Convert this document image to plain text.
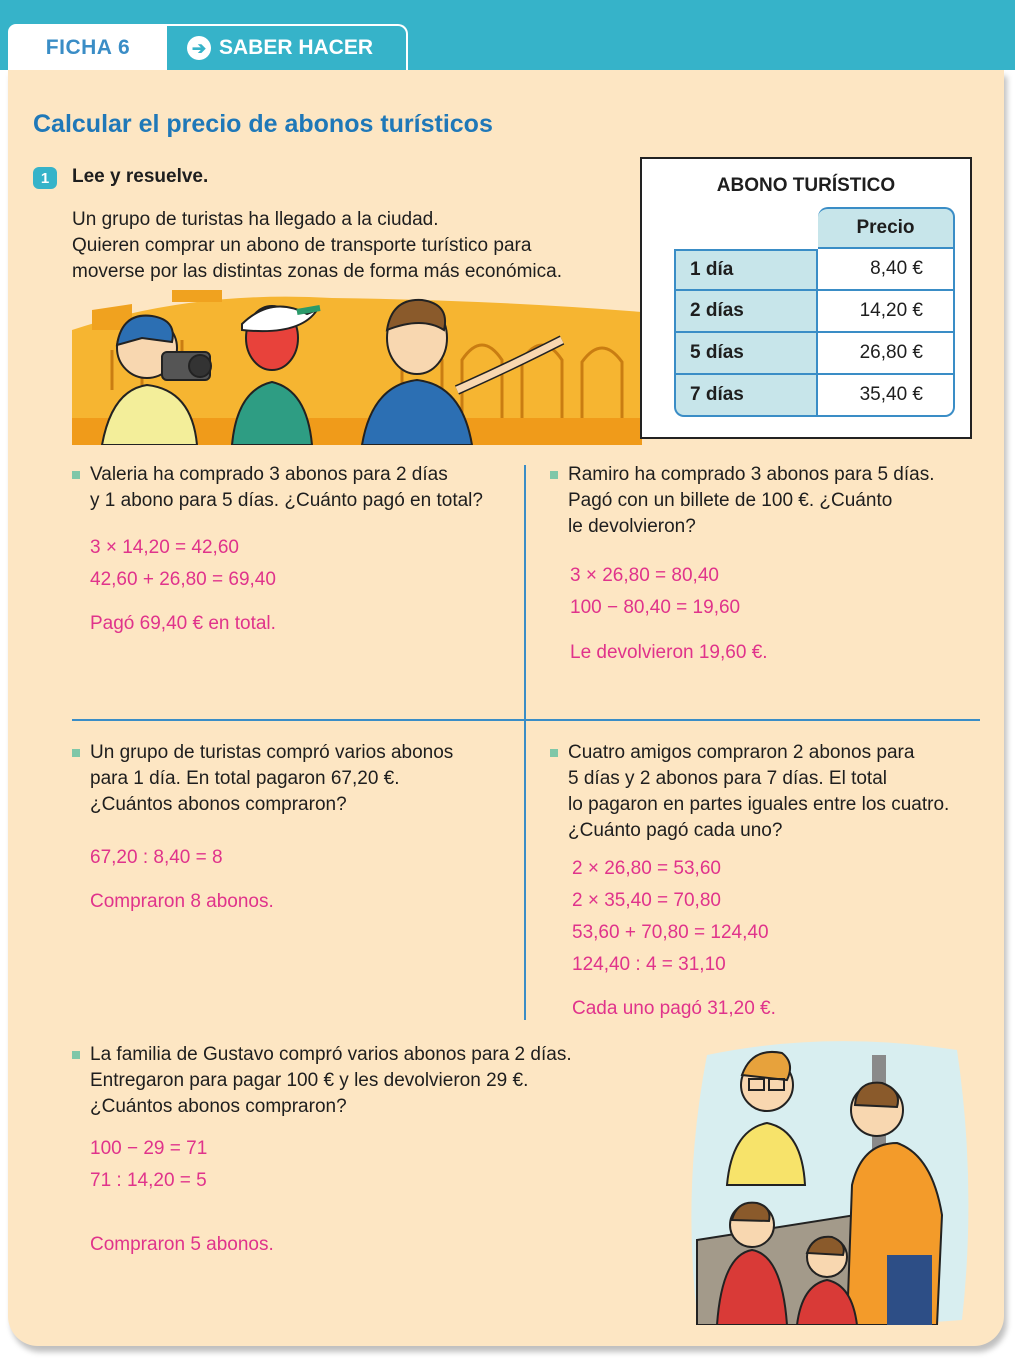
FICHA 6	➔ SABER HACER
Calcular el precio de abonos turísticos
1	Lee y resuelve.
Un grupo de turistas ha llegado a la ciudad.
Quieren comprar un abono de transporte turístico para
moverse por las distintas zonas de forma más económica.
ABONO TURÍSTICO
	Precio
1 día	8,40 €
2 días	14,20 €
5 días	26,80 €
7 días	35,40 €
Valeria ha comprado 3 abonos para 2 días
y 1 abono para 5 días. ¿Cuánto pagó en total?
3 × 14,20 = 42,60
42,60 + 26,80 = 69,40
Pagó 69,40 € en total.
Ramiro ha comprado 3 abonos para 5 días.
Pagó con un billete de 100 €. ¿Cuánto
le devolvieron?
3 × 26,80 = 80,40
100 − 80,40 = 19,60
Le devolvieron 19,60 €.
Un grupo de turistas compró varios abonos
para 1 día. En total pagaron 67,20 €.
¿Cuántos abonos compraron?
67,20 : 8,40 = 8
Compraron 8 abonos.
Cuatro amigos compraron 2 abonos para
5 días y 2 abonos para 7 días. El total
lo pagaron en partes iguales entre los cuatro.
¿Cuánto pagó cada uno?
2 × 26,80 = 53,60
2 × 35,40 = 70,80
53,60 + 70,80 = 124,40
124,40 : 4 = 31,10
Cada uno pagó 31,20 €.
La familia de Gustavo compró varios abonos para 2 días.
Entregaron para pagar 100 € y les devolvieron 29 €.
¿Cuántos abonos compraron?
100 − 29 = 71
71 : 14,20 = 5
Compraron 5 abonos.
